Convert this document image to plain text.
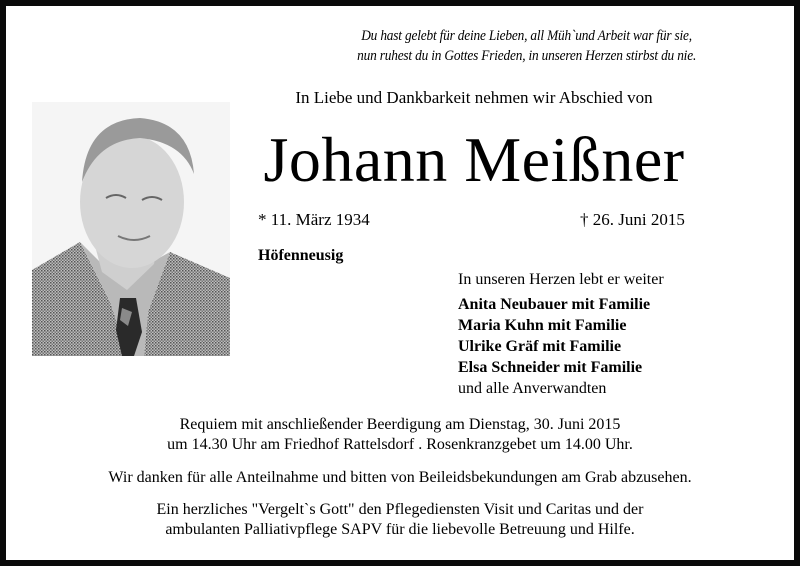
Du hast gelebt für deine Lieben, all Müh`und Arbeit war für sie,
nun ruhest du in Gottes Frieden, in unseren Herzen stirbst du nie.
In Liebe und Dankbarkeit nehmen wir Abschied von
Johann Meißner
* 11. März 1934	† 26. Juni 2015
Höfenneusig
In unseren Herzen lebt er weiter
Anita Neubauer mit Familie
Maria Kuhn mit Familie
Ulrike Gräf mit Familie
Elsa Schneider mit Familie
und alle Anverwandten
Requiem mit anschließender Beerdigung am Dienstag, 30. Juni 2015
um 14.30 Uhr am Friedhof Rattelsdorf . Rosenkranzgebet um 14.00 Uhr.
Wir danken für alle Anteilnahme und bitten von Beileidsbekundungen am Grab abzusehen.
Ein herzliches "Vergelt`s Gott" den Pflegediensten Visit und Caritas und der
ambulanten Palliativpflege SAPV für die liebevolle Betreuung und Hilfe.
